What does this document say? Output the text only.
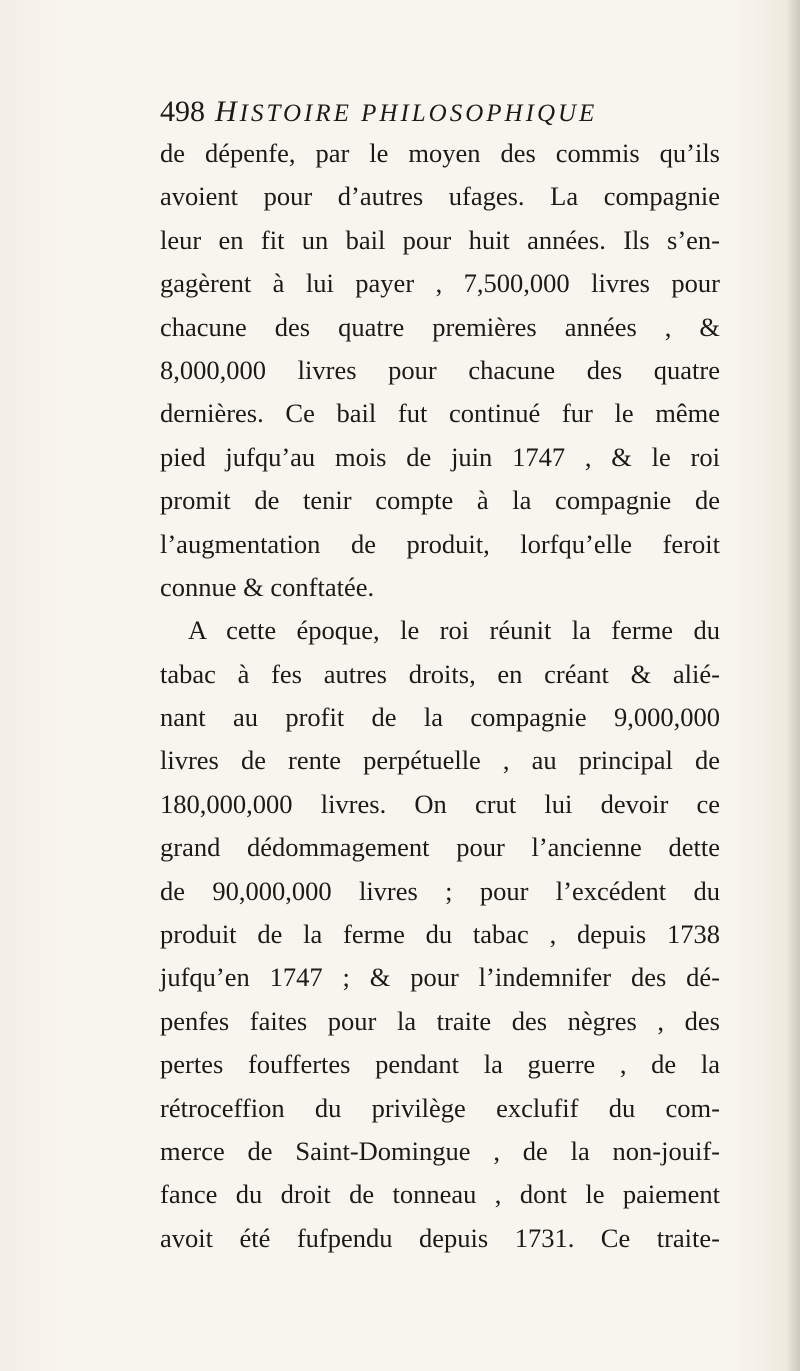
498 HISTOIRE PHILOSOPHIQUE
de dépenfe, par le moyen des commis qu’ils
avoient pour d’autres ufages. La compagnie
leur en fit un bail pour huit années. Ils s’en-
gagèrent à lui payer , 7,500,000 livres pour
chacune des quatre premières années , &
8,000,000 livres pour chacune des quatre
dernières. Ce bail fut continué fur le même
pied jufqu’au mois de juin 1747 , & le roi
promit de tenir compte à la compagnie de
l’augmentation de produit, lorfqu’elle feroit
connue & conftatée.
A cette époque, le roi réunit la ferme du
tabac à fes autres droits, en créant & alié-
nant au profit de la compagnie 9,000,000
livres de rente perpétuelle , au principal de
180,000,000 livres. On crut lui devoir ce
grand dédommagement pour l’ancienne dette
de 90,000,000 livres ; pour l’excédent du
produit de la ferme du tabac , depuis 1738
jufqu’en 1747 ; & pour l’indemnifer des dé-
penfes faites pour la traite des nègres , des
pertes fouffertes pendant la guerre , de la
rétroceffion du privilège exclufif du com-
merce de Saint-Domingue , de la non-jouif-
fance du droit de tonneau , dont le paiement
avoit été fufpendu depuis 1731. Ce traite-
